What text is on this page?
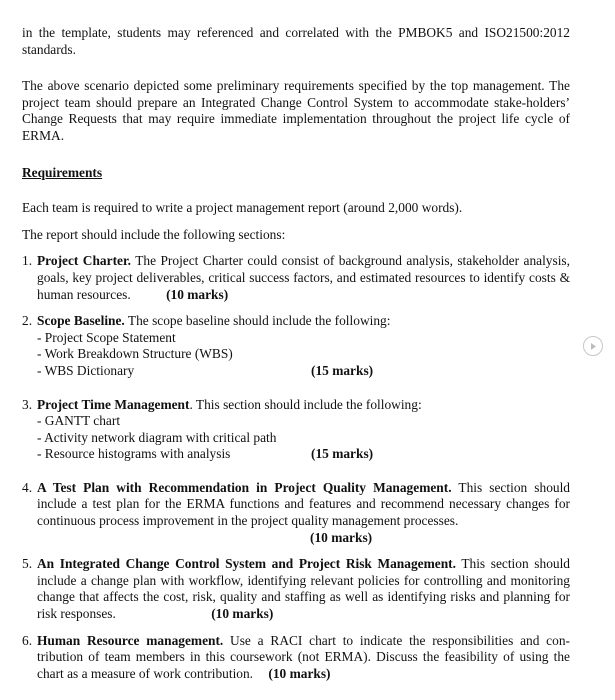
in the template, students may referenced and correlated with the PMBOK5 and ISO21500:2012 standards.

The above scenario depicted some preliminary requirements specified by the top management. The project team should prepare an Integrated Change Control System to accommodate stake-holders’ Change Requests that may require immediate implementation throughout the project life cycle of ERMA.

Requirements

Each team is required to write a project management report (around 2,000 words).

The report should include the following sections:

1. Project Charter. The Project Charter could consist of background analysis, stakeholder analysis, goals, key project deliverables, critical success factors, and estimated resources to identify costs & human resources.	(10 marks)
2. Scope Baseline. The scope baseline should include the following:
- Project Scope Statement
- Work Breakdown Structure (WBS)
- WBS Dictionary	(15 marks)
3. Project Time Management. This section should include the following:
- GANTT chart
- Activity network diagram with critical path
- Resource histograms with analysis	(15 marks)
4. A Test Plan with Recommendation in Project Quality Management. This section should include a test plan for the ERMA functions and features and recommend necessary changes for continuous process improvement in the project quality management processes.
(10 marks)
5. An Integrated Change Control System and Project Risk Management. This section should include a change plan with workflow, identifying relevant policies for controlling and monitoring change that affects the cost, risk, quality and staffing as well as identifying risks and planning for risk responses.	(10 marks)
6. Human Resource management. Use a RACI chart to indicate the responsibilities and con-tribution of team members in this coursework (not ERMA). Discuss the feasibility of using the chart as a measure of work contribution. (10 marks)
